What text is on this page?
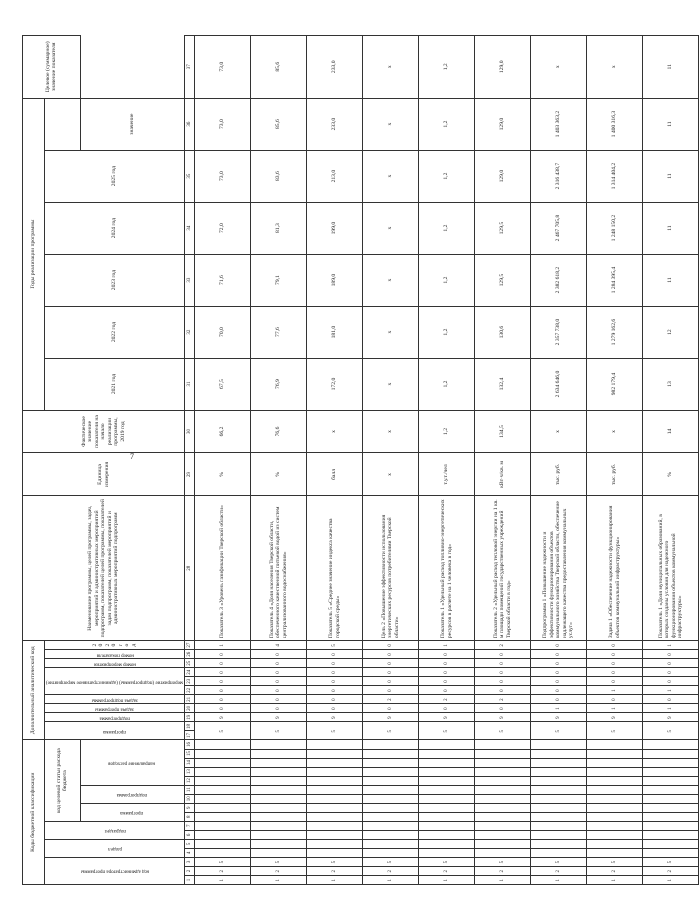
7
Коды бюджетной классификации																Дополнительный аналитический код											Наименование программы, целей программы, задач, мероприятий и административных мероприятий подпрограмм, показателей целей программы, показателей задач подпрограмм, показателей мероприятий и административных мероприятий подпрограмм	Единица измерения	Фактическое значение показателя на начало реализации программы, 2019 год	Годы реализации программы						Целевое (суммарное) значение показателя
код администратора программы			раздел		подраздел		код целевой статьи расхода бюджета									программа		подпрограмма	задача программы	задача подпрограммы	мероприятие (подпрограммы) (административное мероприятие)			номер мероприятия	номер показателя	2020 год				2021 год	2022 год	2023 год	2024 год	2025 год		
							программа		подпрограмма		направление расходов																								значение	
1	2	3	4	5	6	7	8	9	10	11	12	13	14	15	16	17	18	19	20	21	22	23	24	25	26	27	28	29	30	31	32	33	34	35	36	37
1	2	5														5		9	0	0	0	0	0	0	0	1	Показатель 3 «Уровень газификации Тверской области»	%	66,2	67,5	70,0	71,6	72,0	73,0	73,0	73,0
1	2	5														5		9	0	0	0	0	0	0	0	4	Показатель 4 «Доля населения Тверской области, обеспеченного качественной питьевой водой из систем централизованного водоснабжения»	%	76,6	76,9	77,6	79,1	81,3	83,6	85,6	85,6
1	2	5														5		9	0	0	0	0	0	0	0	5	Показатель 5 «Среднее значение индекса качества городской среды»	балл	х	172,0	181,0	189,0	199,0	213,0	233,0	233,0
1	2	5														5		9	0	2	0	0	0	0	0	0	Цель 2 «Повышение эффективности использования энергетических ресурсов потребителями Тверской области»	х	х	х	х	х	х	х	х	х
1	2	5														5		9	0	2	0	0	0	0	0	1	Показатель 1 «Удельный расход топливно-энергетических ресурсов в расчете на 1 человека в год»	т.у.т./чел	1,2	1,2	1,2	1,2	1,2	1,2	1,2	1,2
1	2	5														5		9	0	2	0	0	0	0	0	2	Показатель 2 «Удельный расход тепловой энергии на 1 кв. м площади помещений государственных учреждений Тверской области в год»	кВт·ч/кв. м	134,5	132,4	130,6	129,5	129,5	129,0	129,0	129,0
1	2	5														5		9	1	0	0	0	0	0	0	0	Подпрограмма 1 «Повышение надежности и эффективности функционирования объектов коммунального хозяйства Тверской области, обеспечение надлежащего качества предоставления коммунальных услуг»	тыс. руб.	х	2 634 646,0	2 357 738,0	2 382 618,2	2 467 705,8	2 316 438,7	1 403 363,2	х
1	2	5														5		9	1	0	1	0	0	0	0	0	Задача 1 «Обеспечение надежности функционирования объектов коммунальной инфраструктуры»	тыс. руб.	х	982 179,4	1 279 162,6	1 284 395,4	1 248 150,2	1 314 404,2	1 400 316,3	х
1	2	5														5		9	1	0	1	0	0	0	0	1	Показатель 1 «Доля муниципальных образований, в которых созданы условия для надежного функционирования объектов коммунальной инфраструктуры»	%	14	13	12	11	11	11	11	11
